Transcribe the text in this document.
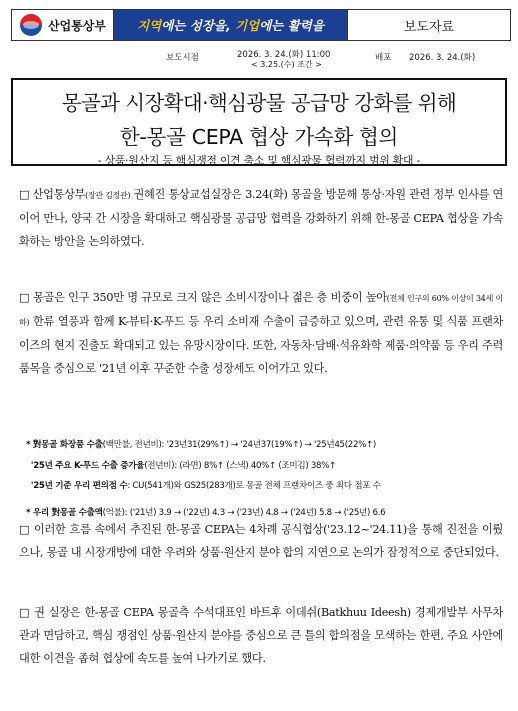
산업통상부 지역에는 성장을, 기업에는 활력을	보도자료
보도시점	2026. 3. 24.(화) 11:00
< 3.25.(수) 조간 >
배포 2026. 3. 24.(화)
몽골과 시장확대·핵심광물 공급망 강화를 위해
한-몽골 CEPA 협상 가속화 협의
- 상품·원산지 등 핵심쟁점 이견 축소 및 핵심광물 협력까지 범위 확대 -
□ 산업통상부(장관 김정관) 권혜진 통상교섭실장은 3.24(화) 몽골을 방문해 통상·자원 관련 정부 인사를 연이어 만나, 양국 간 시장을 확대하고 핵심광물 공급망 협력을 강화하기 위해 한-몽골 CEPA 협상을 가속화하는 방안을 논의하였다.
□ 몽골은 인구 350만 명 규모로 크지 않은 소비시장이나 젊은 층 비중이 높아(전체 인구의 60% 이상이 34세 이하) 한류 열풍과 함께 K-뷰티·K-푸드 등 우리 소비재 수출이 급증하고 있으며, 관련 유통 및 식품 프랜차이즈의 현지 진출도 확대되고 있는 유망시장이다. 또한, 자동차·담배·석유화학 제품·의약품 등 우리 주력품목을 중심으로 '21년 이후 꾸준한 수출 성장세도 이어가고 있다.
* 對몽골 화장품 수출(백만불, 전년비): '23년31(29%↑) → '24년37(19%↑) → '25년45(22%↑)
'25년 주요 K-푸드 수출 증가율(전년비): (라면) 8%↑ (스낵) 40%↑ (조미김) 38%↑
'25년 기준 우리 편의점 수: CU(541개)와 GS25(283개)로 몽골 전체 프랜차이즈 중 최다 점포 수
* 우리 對몽골 수출액(억불): ('21년) 3.9 → ('22년) 4.3 → ('23년) 4.8 → ('24년) 5.8 → ('25년) 6.6
□ 이러한 흐름 속에서 추진된 한-몽골 CEPA는 4차례 공식협상('23.12~'24.11)을 통해 진전을 이뤘으나, 몽골 내 시장개방에 대한 우려와 상품·원산지 분야 합의 지연으로 논의가 잠정적으로 중단되었다.
□ 권 실장은 한-몽골 CEPA 몽골측 수석대표인 바트후 이데쉬(Batkhuu Ideesh) 경제개발부 사무차관과 면담하고, 핵심 쟁점인 상품·원산지 분야를 중심으로 큰 틀의 합의점을 모색하는 한편, 주요 사안에 대한 이견을 좁혀 협상에 속도를 높여 나가기로 했다.
